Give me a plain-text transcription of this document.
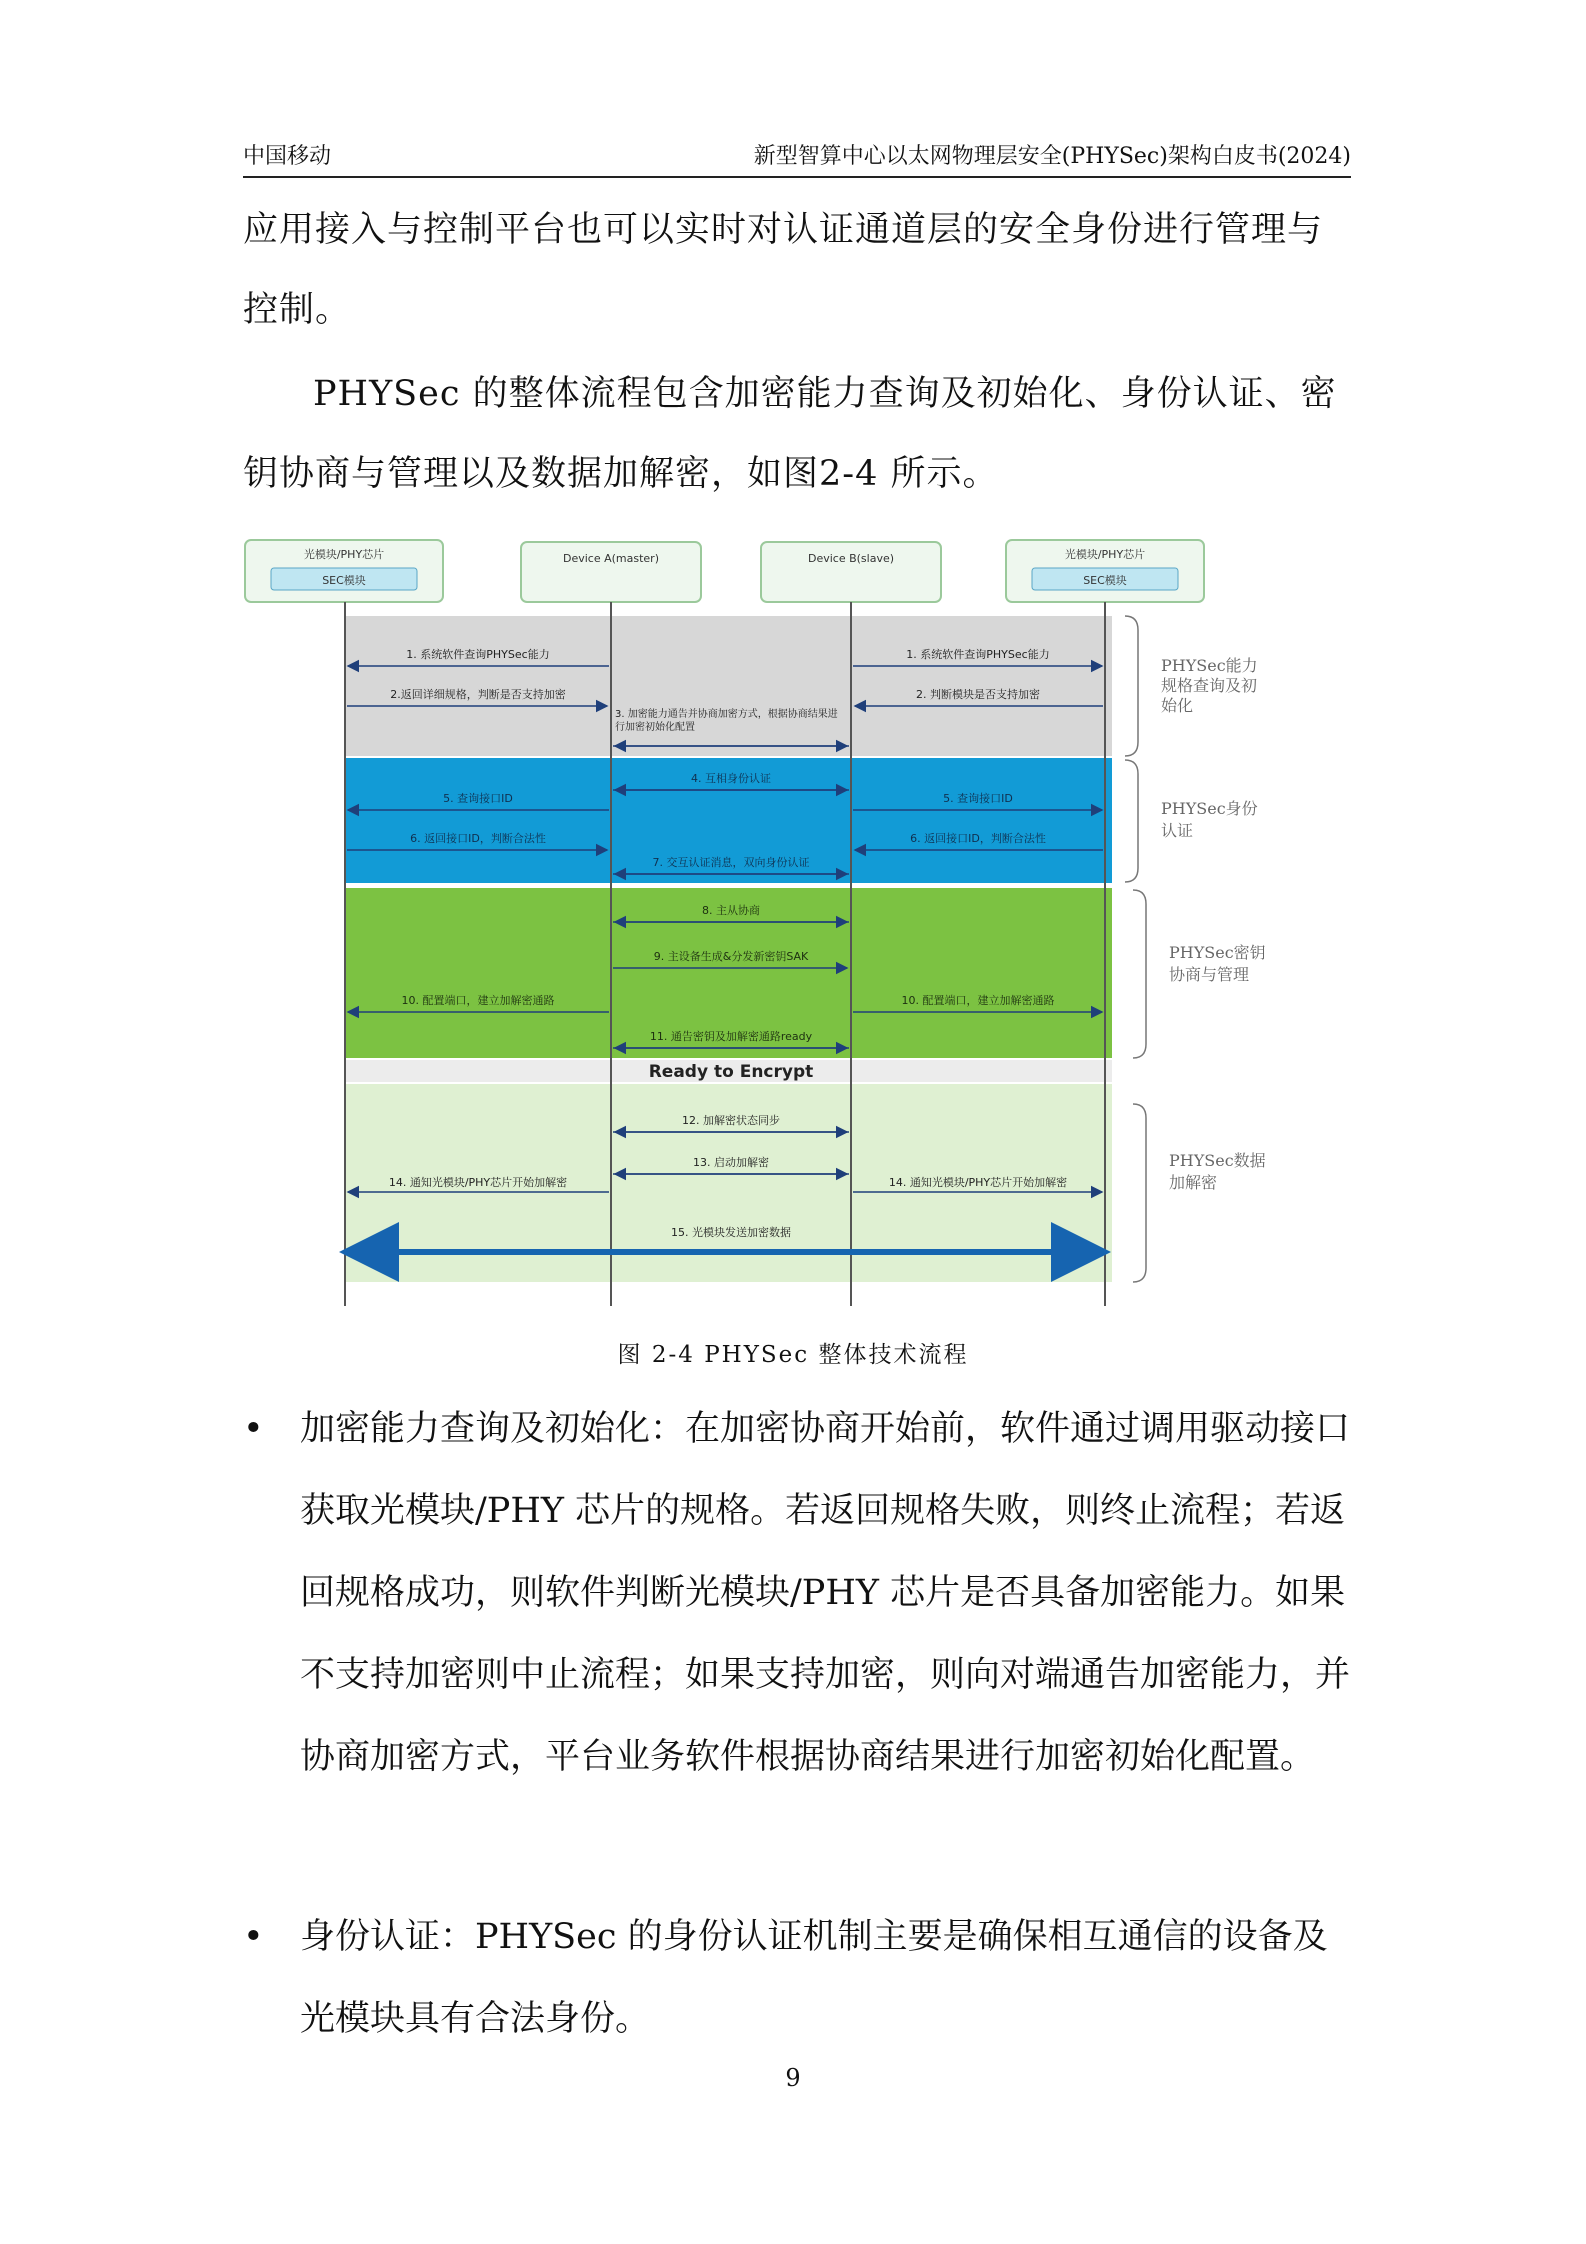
中国移动	新型智算中心以太网物理层安全(PHYSec)架构白皮书(2024)
应用接入与控制平台也可以实时对认证通道层的安全身份进行管理与控制。
PHYSec 的整体流程包含加密能力查询及初始化、身份认证、密钥协商与管理以及数据加解密，如图2-4 所示。
光模块/PHY芯片
SEC模块
Device A(master)	Device B(slave)	光模块/PHY芯片
SEC模块
1. 系统软件查询PHYSec能力	1. 系统软件查询PHYSec能力
2.返回详细规格，判断是否支持加密	2. 判断模块是否支持加密
3. 加密能力通告并协商加密方式，根据协商结果进行加密初始化配置
4. 互相身份认证
5. 查询接口ID	5. 查询接口ID
6. 返回接口ID，判断合法性	6. 返回接口ID，判断合法性
7. 交互认证消息，双向身份认证
8. 主从协商
9. 主设备生成&分发新密钥SAK
10. 配置端口，建立加解密通路	10. 配置端口，建立加解密通路
11. 通告密钥及加解密通路ready
Ready to Encrypt
12. 加解密状态同步
13. 启动加解密
14. 通知光模块/PHY芯片开始加解密	14. 通知光模块/PHY芯片开始加解密
15. 光模块发送加密数据
PHYSec能力规格查询及初始化
PHYSec身份认证
PHYSec密钥协商与管理
PHYSec数据加解密
图 2-4 PHYSec 整体技术流程
•	加密能力查询及初始化：在加密协商开始前，软件通过调用驱动接口获取光模块/PHY 芯片的规格。若返回规格失败，则终止流程；若返回规格成功，则软件判断光模块/PHY 芯片是否具备加密能力。如果不支持加密则中止流程；如果支持加密，则向对端通告加密能力，并协商加密方式，平台业务软件根据协商结果进行加密初始化配置。
•	身份认证：PHYSec 的身份认证机制主要是确保相互通信的设备及光模块具有合法身份。
9
